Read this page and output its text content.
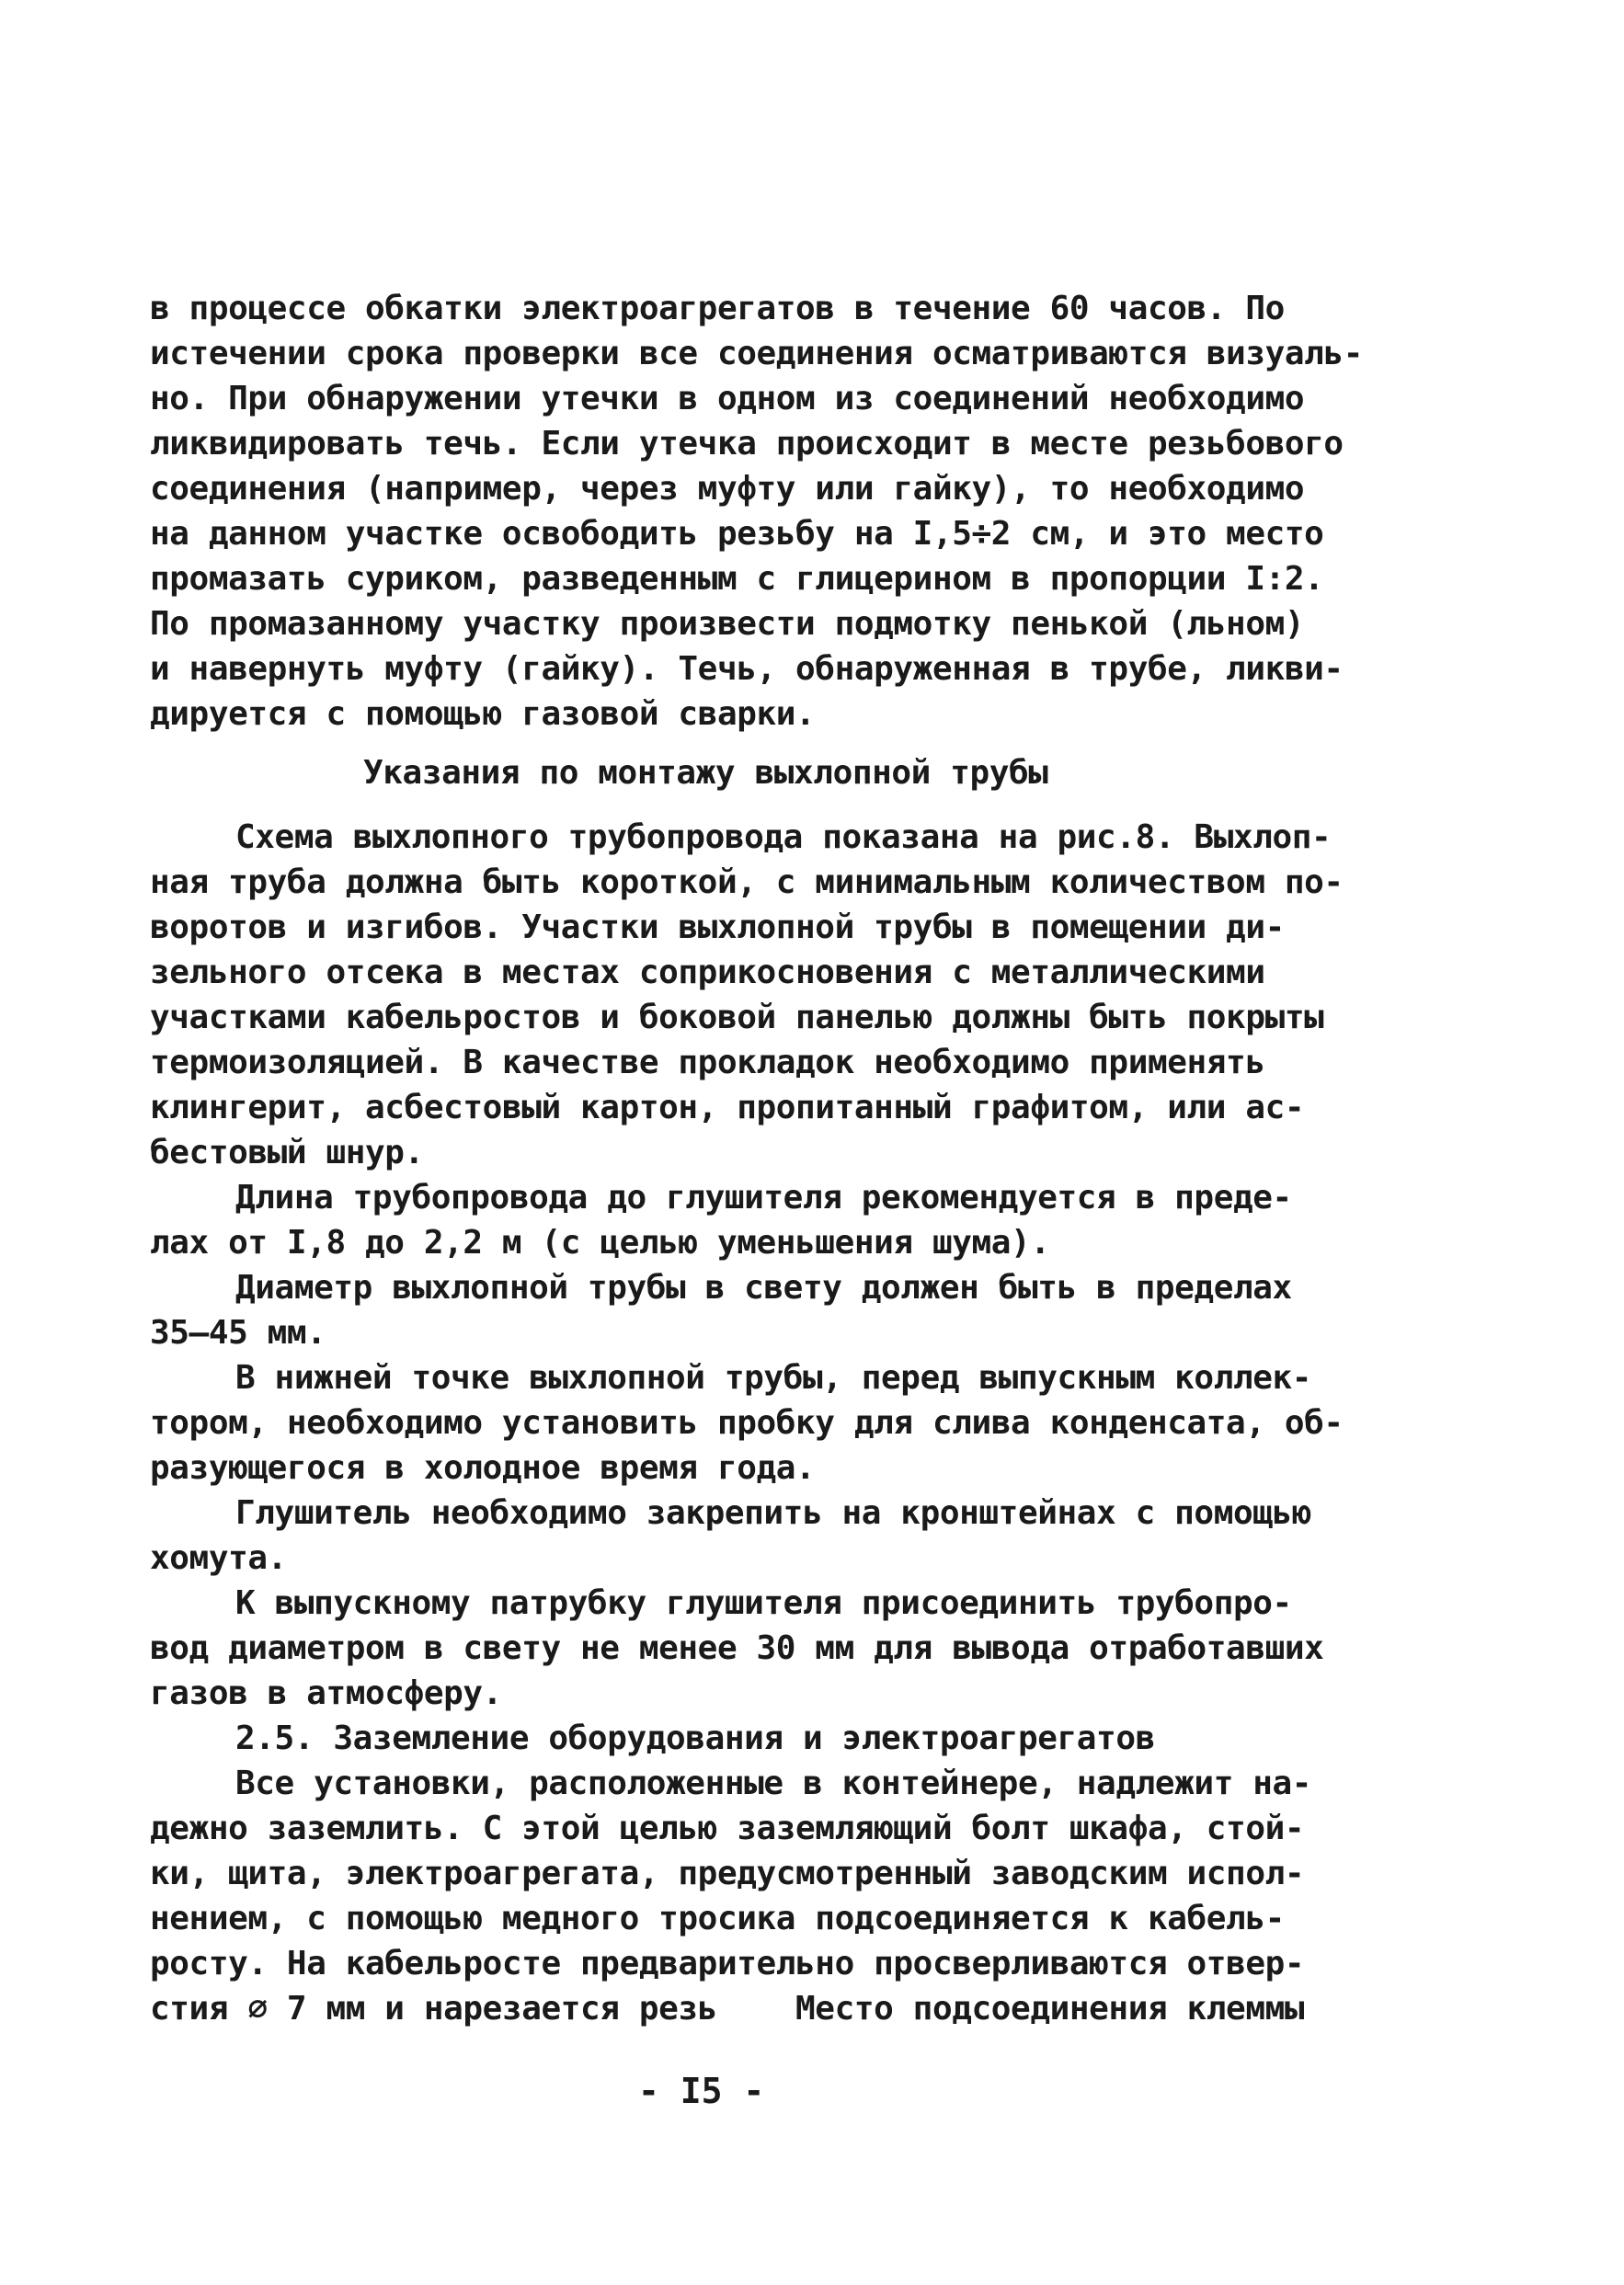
в процессе обкатки электроагрегатов в течение 60 часов. По
истечении срока проверки все соединения осматриваются визуаль-
но. При обнаружении утечки в одном из соединений необходимо
ликвидировать течь. Если утечка происходит в месте резьбового
соединения (например, через муфту или гайку), то необходимо
на данном участке освободить резьбу на I,5÷2 см, и это место
промазать суриком, разведенным с глицерином в пропорции I:2.
По промазанному участку произвести подмотку пенькой (льном)
и навернуть муфту (гайку). Течь, обнаруженная в трубе, ликви-
дируется с помощью газовой сварки.
Указания по монтажу выхлопной трубы
Схема выхлопного трубопровода показана на рис.8. Выхлоп-
ная труба должна быть короткой, с минимальным количеством по-
воротов и изгибов. Участки выхлопной трубы в помещении ди-
зельного отсека в местах соприкосновения с металлическими
участками кабельростов и боковой панелью должны быть покрыты
термоизоляцией. В качестве прокладок необходимо применять
клингерит, асбестовый картон, пропитанный графитом, или ас-
бестовый шнур.
Длина трубопровода до глушителя рекомендуется в преде-
лах от I,8 до 2,2 м (с целью уменьшения шума).
Диаметр выхлопной трубы в свету должен быть в пределах
35–45 мм.
В нижней точке выхлопной трубы, перед выпускным коллек-
тором, необходимо установить пробку для слива конденсата, об-
разующегося в холодное время года.
Глушитель необходимо закрепить на кронштейнах с помощью
хомута.
К выпускному патрубку глушителя присоединить трубопро-
вод диаметром в свету не менее 30 мм для вывода отработавших
газов в атмосферу.
2.5. Заземление оборудования и электроагрегатов
Все установки, расположенные в контейнере, надлежит на-
дежно заземлить. С этой целью заземляющий болт шкафа, стой-
ки, щита, электроагрегата, предусмотренный заводским испол-
нением, с помощью медного тросика подсоединяется к кабель-
росту. На кабельросте предварительно просверливаются отвер-
стия ∅ 7 мм и нарезается резь    Место подсоединения клеммы
- I5 -
